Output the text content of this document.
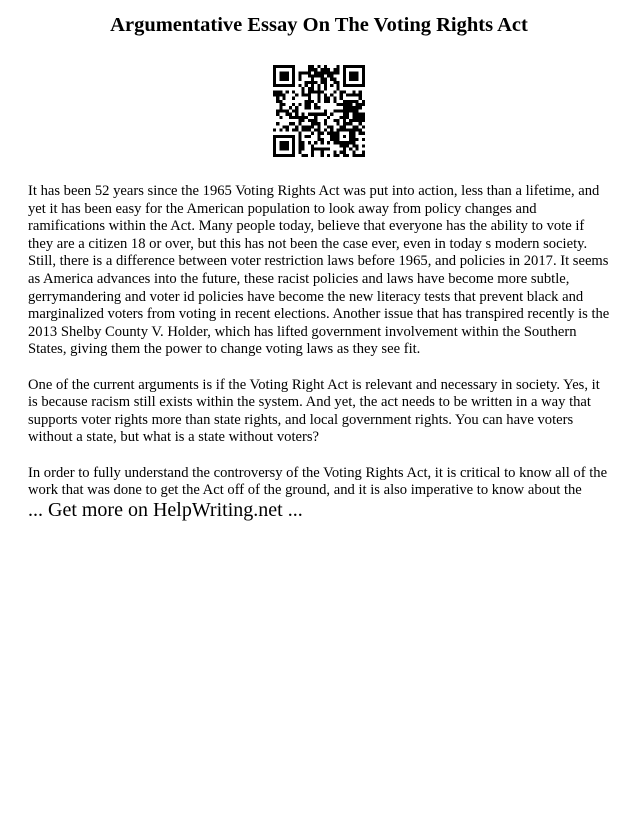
Argumentative Essay On The Voting Rights Act

It has been 52 years since the 1965 Voting Rights Act was put into action, less than a lifetime, and yet it has been easy for the American population to look away from policy changes and ramifications within the Act. Many people today, believe that everyone has the ability to vote if they are a citizen 18 or over, but this has not been the case ever, even in today s modern society. Still, there is a difference between voter restriction laws before 1965, and policies in 2017. It seems as America advances into the future, these racist policies and laws have become more subtle, gerrymandering and voter id policies have become the new literacy tests that prevent black and marginalized voters from voting in recent elections. Another issue that has transpired recently is the 2013 Shelby County V. Holder, which has lifted government involvement within the Southern States, giving them the power to change voting laws as they see fit.

One of the current arguments is if the Voting Right Act is relevant and necessary in society. Yes, it is because racism still exists within the system. And yet, the act needs to be written in a way that supports voter rights more than state rights, and local government rights. You can have voters without a state, but what is a state without voters?

In order to fully understand the controversy of the Voting Rights Act, it is critical to know all of the work that was done to get the Act off of the ground, and it is also imperative to know about the

... Get more on HelpWriting.net ...
